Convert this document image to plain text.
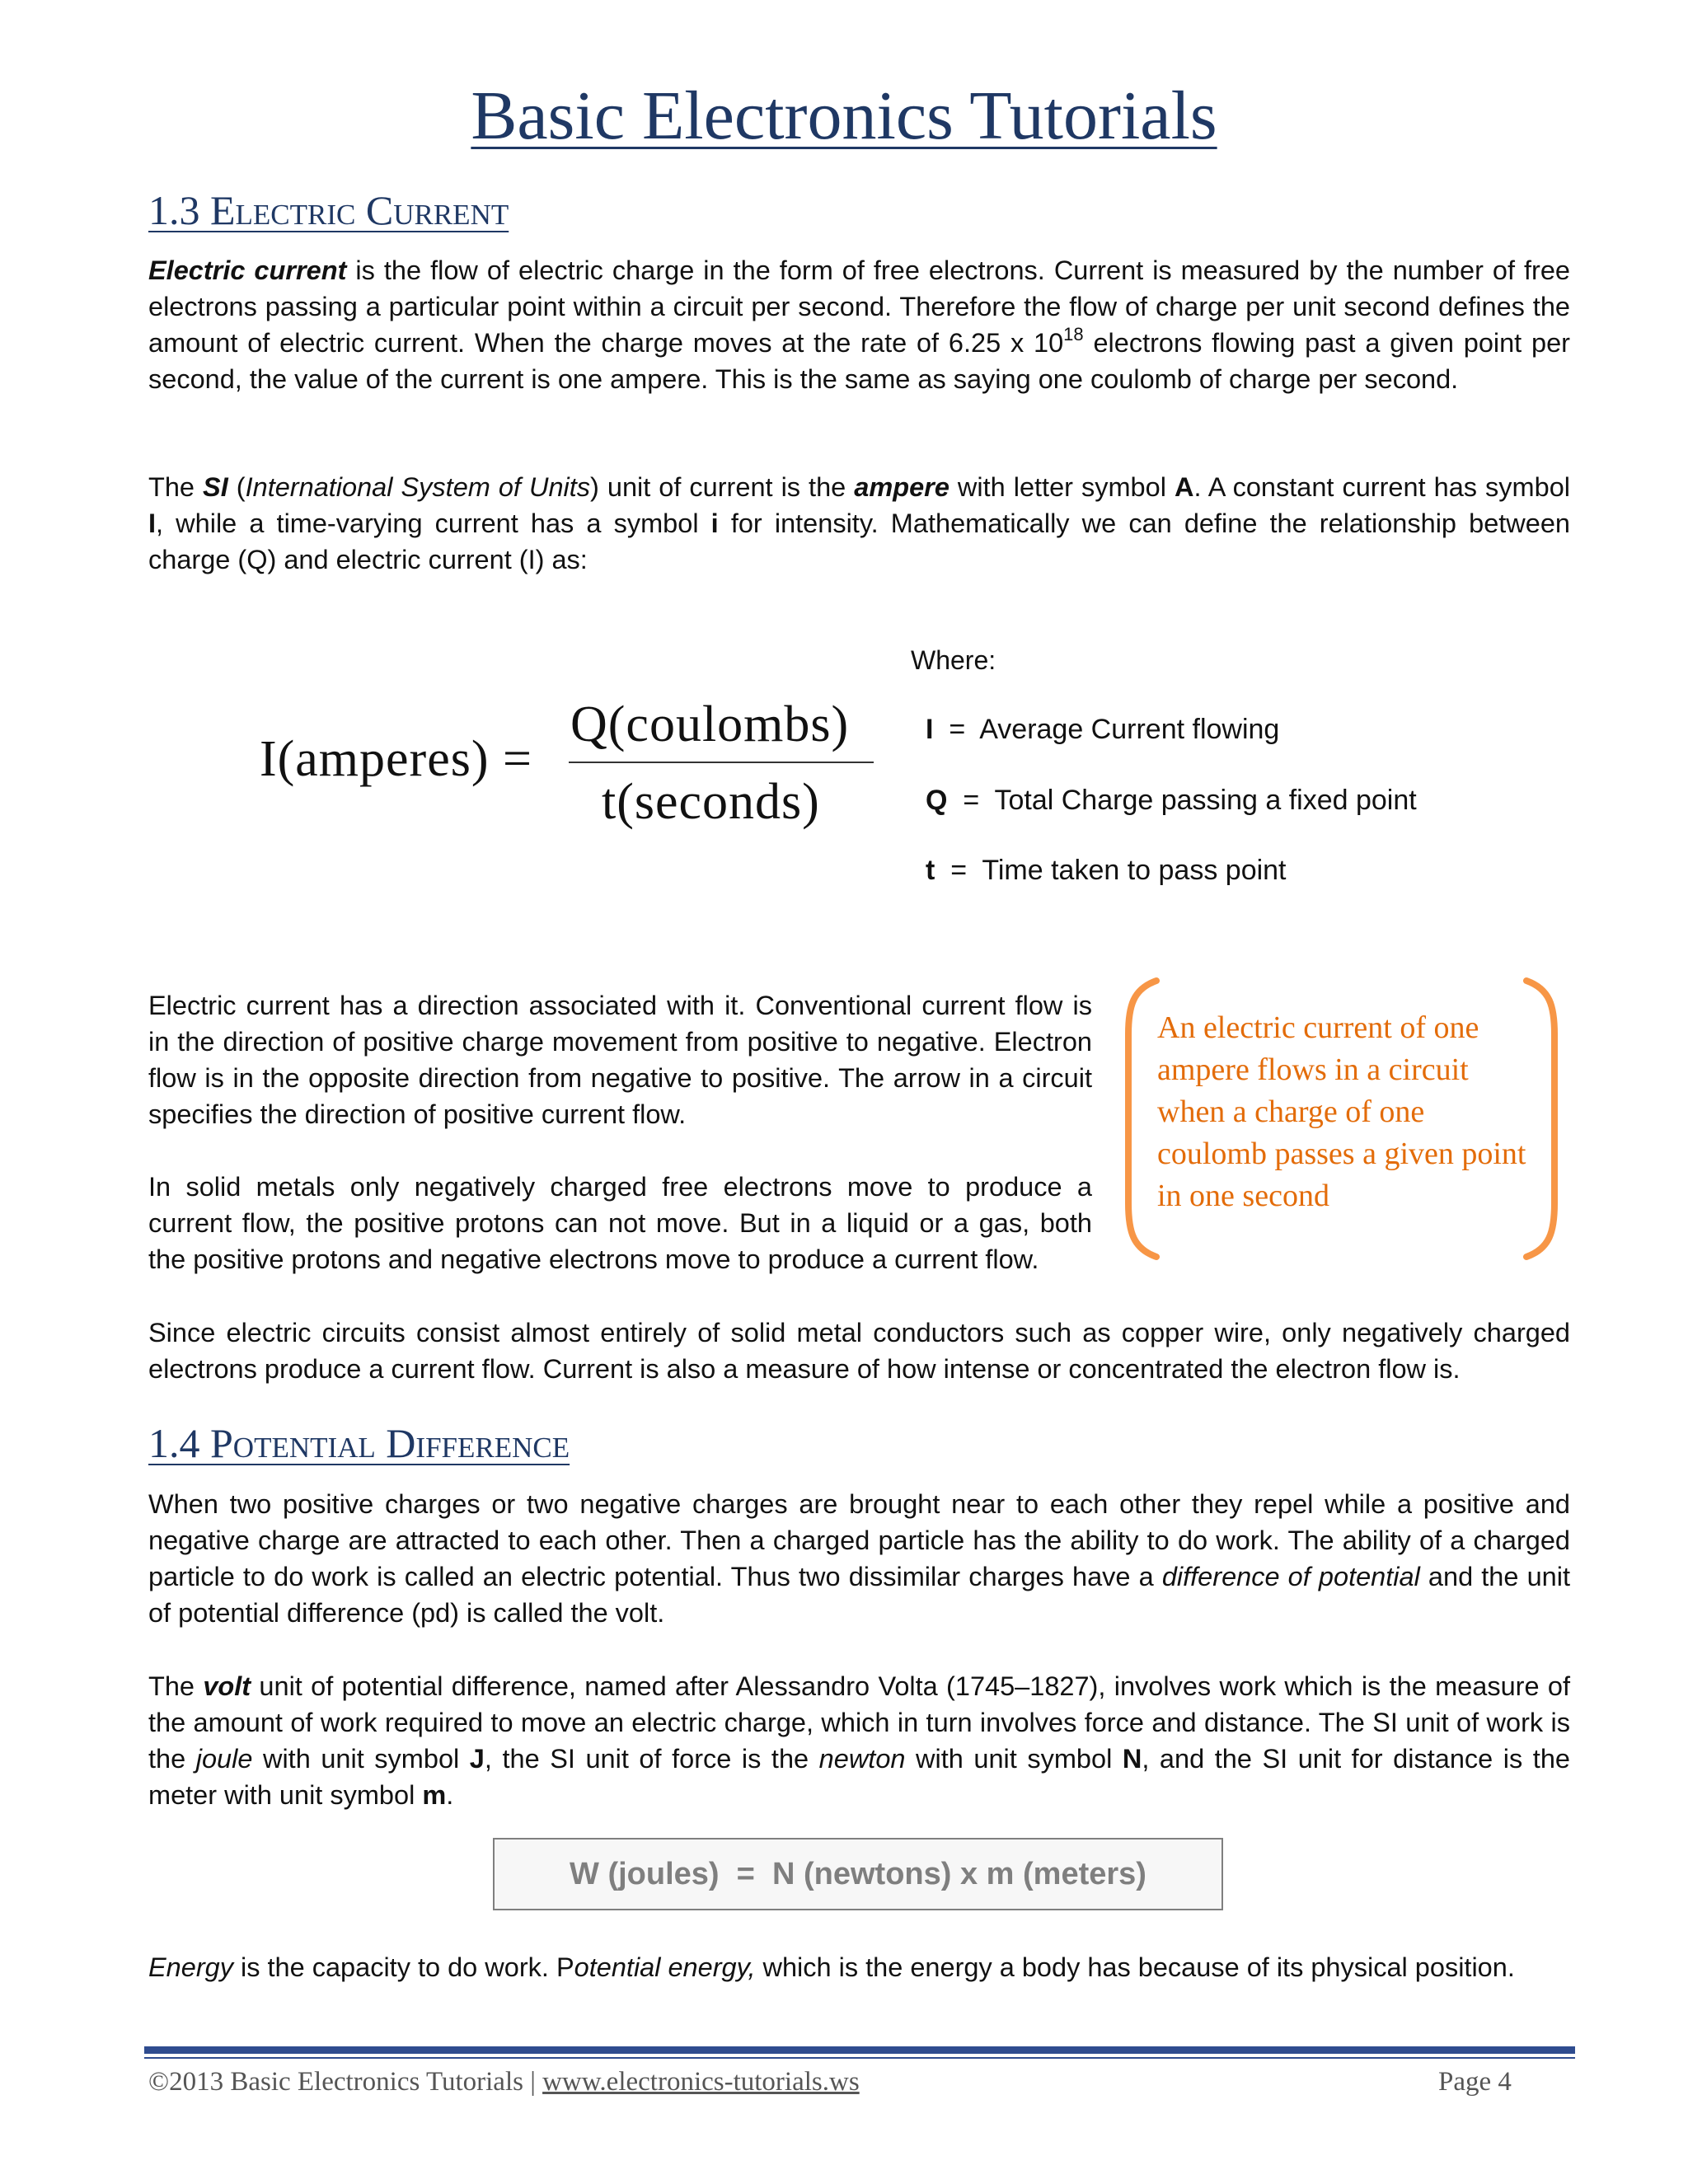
Basic Electronics Tutorials
1.3 Electric Current

Electric current is the flow of electric charge in the form of free electrons. Current is measured by the number of free electrons passing a particular point within a circuit per second. Therefore the flow of charge per unit second defines the amount of electric current. When the charge moves at the rate of 6.25 x $10^{18}$ electrons flowing past a given point per second, the value of the current is one ampere. This is the same as saying one coulomb of charge per second.

The SI (International System of Units) unit of current is the ampere with letter symbol A. A constant current has symbol I, while a time-varying current has a symbol i for intensity. Mathematically we can define the relationship between charge (Q) and electric current (I) as:

I(amperes) =
Q(coulombs)
t(seconds)
Where:
I  =  Average Current flowing
Q  =  Total Charge passing a fixed point
t  =  Time taken to pass point

Electric current has a direction associated with it. Conventional current flow is in the direction of positive charge movement from positive to negative. Electron flow is in the opposite direction from negative to positive. The arrow in a circuit specifies the direction of positive current flow.

In solid metals only negatively charged free electrons move to produce a current flow, the positive protons can not move. But in a liquid or a gas, both the positive protons and negative electrons move to produce a current flow.

An electric current of one ampere flows in a circuit when a charge of one coulomb passes a given point in one second

Since electric circuits consist almost entirely of solid metal conductors such as copper wire, only negatively charged electrons produce a current flow. Current is also a measure of how intense or concentrated the electron flow is.

1.4 Potential Difference

When two positive charges or two negative charges are brought near to each other they repel while a positive and negative charge are attracted to each other. Then a charged particle has the ability to do work. The ability of a charged particle to do work is called an electric potential. Thus two dissimilar charges have a difference of potential and the unit of potential difference (pd) is called the volt.

The volt unit of potential difference, named after Alessandro Volta (1745–1827), involves work which is the measure of the amount of work required to move an electric charge, which in turn involves force and distance. The SI unit of work is the joule with unit symbol J, the SI unit of force is the newton with unit symbol N, and the SI unit for distance is the meter with unit symbol m.

W (joules)  =  N (newtons) x m (meters)

Energy is the capacity to do work. Potential energy, which is the energy a body has because of its physical position.

©2013 Basic Electronics Tutorials | www.electronics-tutorials.ws	Page 4
